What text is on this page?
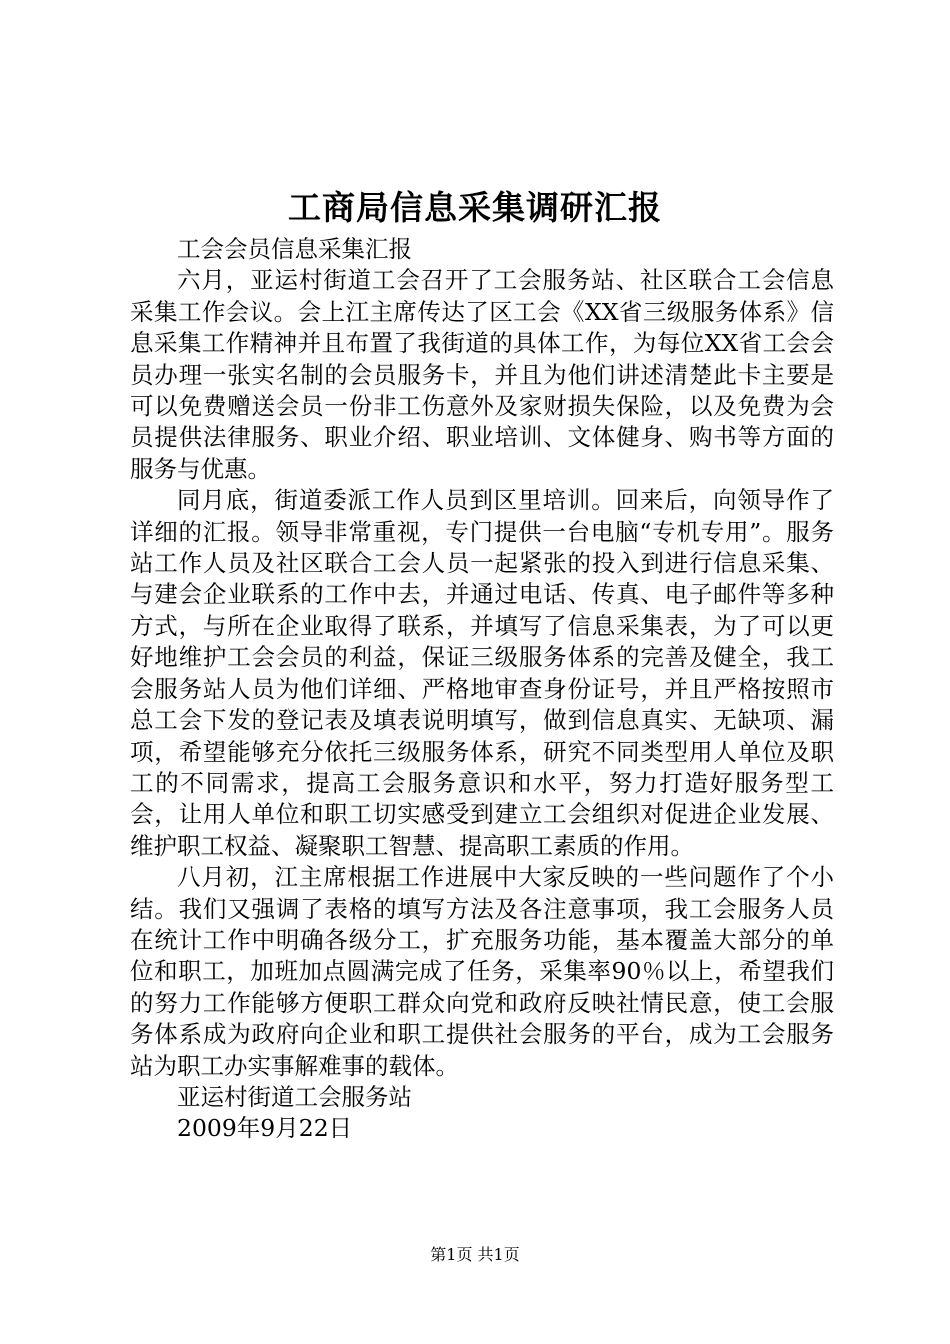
工商局信息采集调研汇报

工会会员信息采集汇报

六月，亚运村街道工会召开了工会服务站、社区联合工会信息采集工作会议。会上江主席传达了区工会《XX省三级服务体系》信息采集工作精神并且布置了我街道的具体工作，为每位XX省工会会员办理一张实名制的会员服务卡，并且为他们讲述清楚此卡主要是可以免费赠送会员一份非工伤意外及家财损失保险，以及免费为会员提供法律服务、职业介绍、职业培训、文体健身、购书等方面的服务与优惠。

同月底，街道委派工作人员到区里培训。回来后，向领导作了详细的汇报。领导非常重视，专门提供一台电脑“专机专用”。服务站工作人员及社区联合工会人员一起紧张的投入到进行信息采集、与建会企业联系的工作中去，并通过电话、传真、电子邮件等多种方式，与所在企业取得了联系，并填写了信息采集表，为了可以更好地维护工会会员的利益，保证三级服务体系的完善及健全，我工会服务站人员为他们详细、严格地审查身份证号，并且严格按照市总工会下发的登记表及填表说明填写，做到信息真实、无缺项、漏项，希望能够充分依托三级服务体系，研究不同类型用人单位及职工的不同需求，提高工会服务意识和水平，努力打造好服务型工会，让用人单位和职工切实感受到建立工会组织对促进企业发展、维护职工权益、凝聚职工智慧、提高职工素质的作用。

八月初，江主席根据工作进展中大家反映的一些问题作了个小结。我们又强调了表格的填写方法及各注意事项，我工会服务人员在统计工作中明确各级分工，扩充服务功能，基本覆盖大部分的单位和职工，加班加点圆满完成了任务，采集率90％以上，希望我们的努力工作能够方便职工群众向党和政府反映社情民意，使工会服务体系成为政府向企业和职工提供社会服务的平台，成为工会服务站为职工办实事解难事的载体。

亚运村街道工会服务站

2009年9月22日

第1页 共1页
